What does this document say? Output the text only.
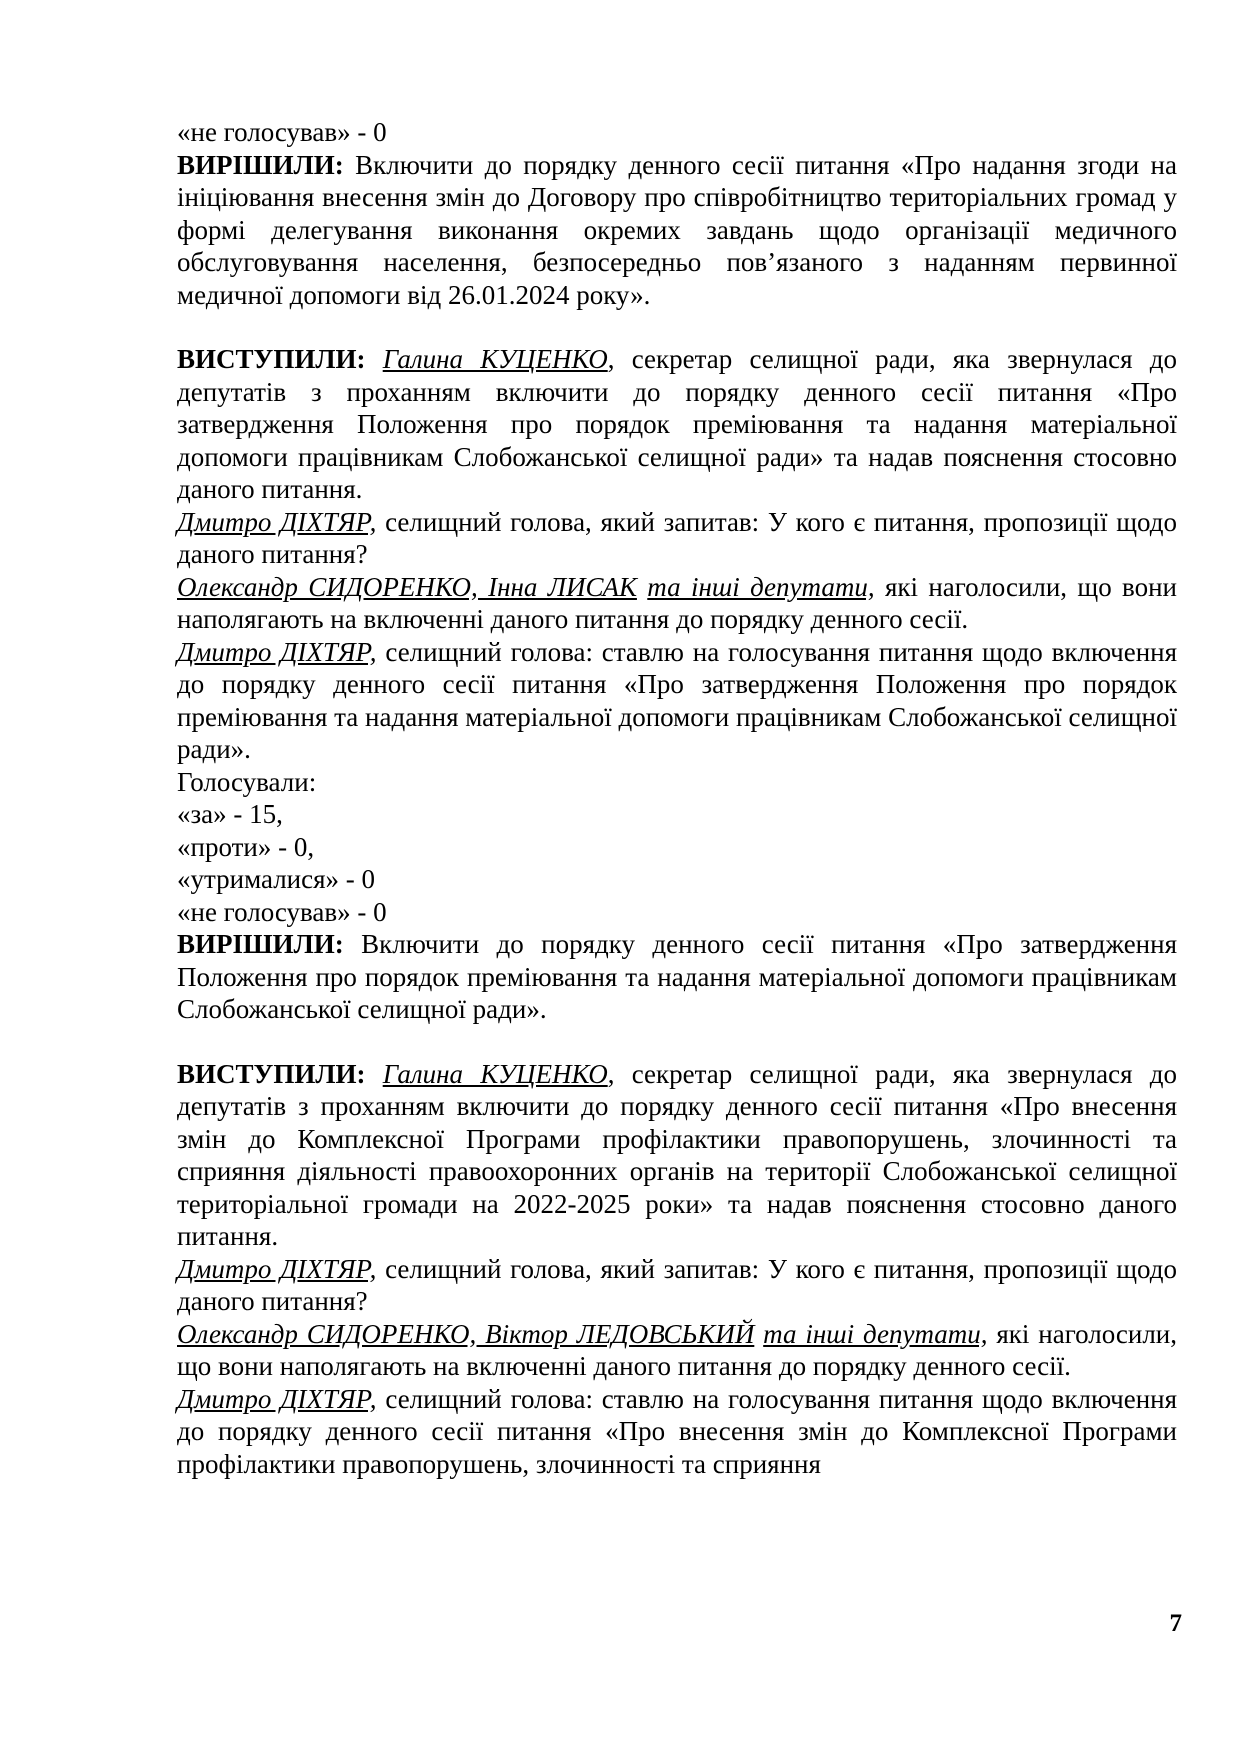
«не голосував» - 0

ВИРІШИЛИ: Включити до порядку денного сесії питання «Про надання згоди на ініціювання внесення змін до Договору про співробітництво територіальних громад у формі делегування виконання окремих завдань щодо організації медичного обслуговування населення, безпосередньо пов’язаного з наданням первинної медичної допомоги від 26.01.2024 року».

ВИСТУПИЛИ: Галина КУЦЕНКО, секретар селищної ради, яка звернулася до депутатів з проханням включити до порядку денного сесії питання «Про затвердження Положення про порядок преміювання та надання матеріальної допомоги працівникам Слобожанської селищної ради» та надав пояснення стосовно даного питання.

Дмитро ДІХТЯР, селищний голова, який запитав: У кого є питання, пропозиції щодо даного питання?

Олександр СИДОРЕНКО, Інна ЛИСАК та інші депутати, які наголосили, що вони наполягають на включенні даного питання до порядку денного сесії.

Дмитро ДІХТЯР, селищний голова: ставлю на голосування питання щодо включення до порядку денного сесії питання «Про затвердження Положення про порядок преміювання та надання матеріальної допомоги працівникам Слобожанської селищної ради».

Голосували:

«за» - 15,

«проти» - 0,

«утрималися» - 0

«не голосував» - 0

ВИРІШИЛИ: Включити до порядку денного сесії питання «Про затвердження Положення про порядок преміювання та надання матеріальної допомоги працівникам Слобожанської селищної ради».

ВИСТУПИЛИ: Галина КУЦЕНКО, секретар селищної ради, яка звернулася до депутатів з проханням включити до порядку денного сесії питання «Про внесення змін до Комплексної Програми профілактики правопорушень, злочинності та сприяння діяльності правоохоронних органів на території Слобожанської селищної територіальної громади на 2022-2025 роки» та надав пояснення стосовно даного питання.

Дмитро ДІХТЯР, селищний голова, який запитав: У кого є питання, пропозиції щодо даного питання?

Олександр СИДОРЕНКО, Віктор ЛЕДОВСЬКИЙ та інші депутати, які наголосили, що вони наполягають на включенні даного питання до порядку денного сесії.

Дмитро ДІХТЯР, селищний голова: ставлю на голосування питання щодо включення до порядку денного сесії питання «Про внесення змін до Комплексної Програми профілактики правопорушень, злочинності та сприяння

7
